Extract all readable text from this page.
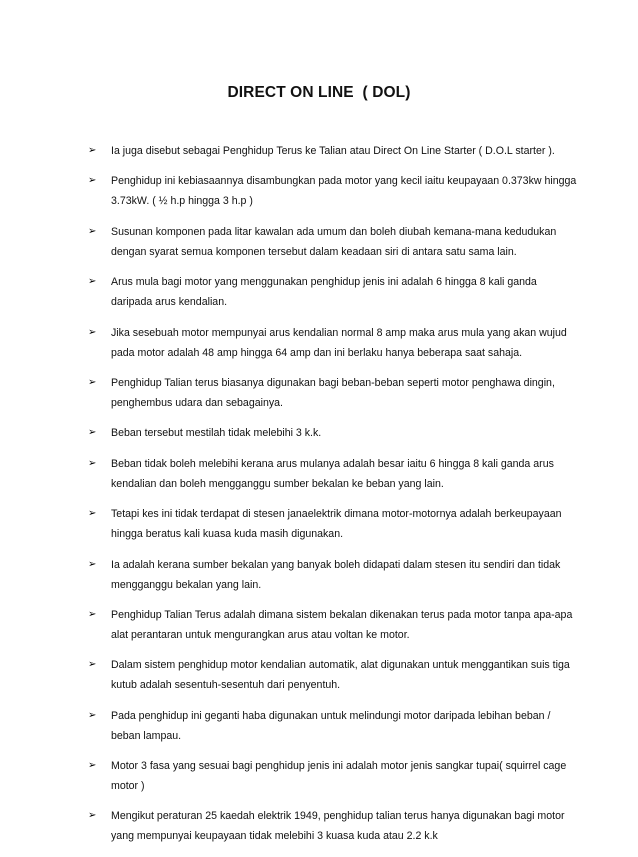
DIRECT ON LINE  ( DOL)
➢	Ia juga disebut sebagai Penghidup Terus ke Talian atau Direct On Line Starter ( D.O.L starter ).
➢	Penghidup ini kebiasaannya disambungkan pada motor yang kecil iaitu keupayaan 0.373kw hingga 3.73kW. ( ½ h.p hingga 3 h.p )
➢	Susunan komponen pada litar kawalan ada umum dan boleh diubah kemana-mana kedudukan dengan syarat semua komponen tersebut dalam keadaan siri di antara satu sama lain.
➢	Arus mula bagi motor yang menggunakan penghidup jenis ini adalah 6 hingga 8 kali ganda daripada arus kendalian.
➢	Jika sesebuah motor mempunyai arus kendalian normal 8 amp maka arus mula yang akan wujud pada motor adalah 48 amp hingga 64 amp dan ini berlaku hanya beberapa saat sahaja.
➢	Penghidup Talian terus biasanya digunakan bagi beban-beban seperti motor penghawa dingin, penghembus udara dan sebagainya.
➢	Beban tersebut mestilah tidak melebihi 3 k.k.
➢	Beban tidak boleh melebihi kerana arus mulanya adalah besar iaitu 6 hingga 8 kali ganda arus kendalian dan boleh mengganggu sumber bekalan ke beban yang lain.
➢	Tetapi kes ini tidak terdapat di stesen janaelektrik dimana motor-motornya adalah berkeupayaan hingga beratus kali kuasa kuda masih digunakan.
➢	Ia adalah kerana sumber bekalan yang banyak boleh didapati dalam stesen itu sendiri dan tidak mengganggu bekalan yang lain.
➢	Penghidup Talian Terus adalah dimana sistem bekalan dikenakan terus pada motor tanpa apa-apa alat perantaran untuk mengurangkan arus atau voltan ke motor.
➢	Dalam sistem penghidup motor kendalian automatik, alat digunakan untuk menggantikan suis tiga kutub adalah sesentuh-sesentuh dari penyentuh.
➢	Pada penghidup ini geganti haba digunakan untuk melindungi motor daripada lebihan beban / beban lampau.
➢	Motor 3 fasa yang sesuai bagi penghidup jenis ini adalah motor jenis sangkar tupai( squirrel cage motor )
➢	Mengikut peraturan 25 kaedah elektrik 1949, penghidup talian terus hanya digunakan bagi motor yang mempunyai keupayaan tidak melebihi 3 kuasa kuda atau 2.2 k.k
